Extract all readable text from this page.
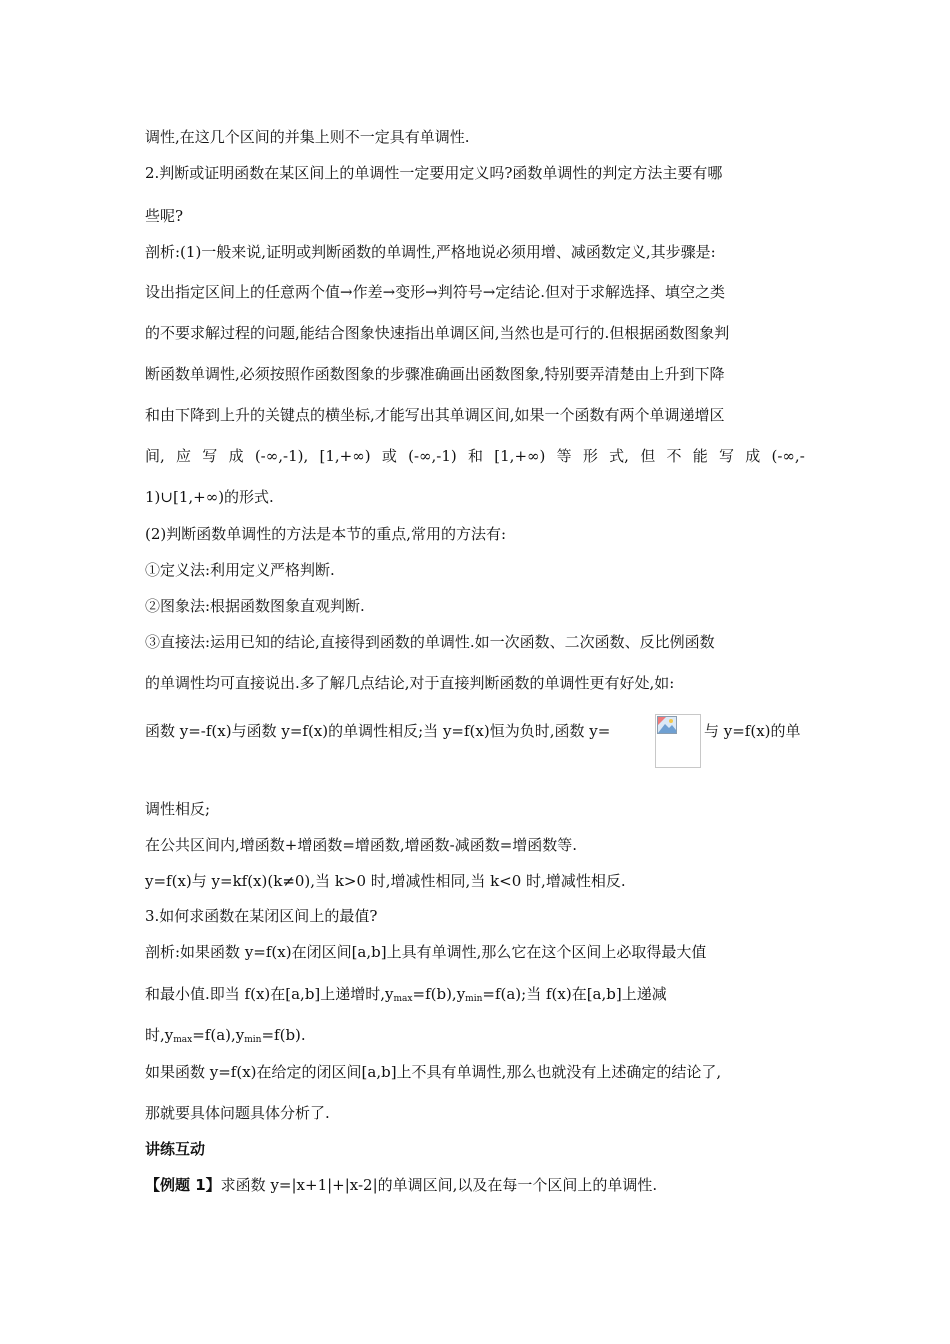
调性,在这几个区间的并集上则不一定具有单调性.
2.判断或证明函数在某区间上的单调性一定要用定义吗?函数单调性的判定方法主要有哪
些呢?
剖析:(1)一般来说,证明或判断函数的单调性,严格地说必须用增、减函数定义,其步骤是:
设出指定区间上的任意两个值→作差→变形→判符号→定结论.但对于求解选择、填空之类
的不要求解过程的问题,能结合图象快速指出单调区间,当然也是可行的.但根据函数图象判
断函数单调性,必须按照作函数图象的步骤准确画出函数图象,特别要弄清楚由上升到下降
和由下降到上升的关键点的横坐标,才能写出其单调区间,如果一个函数有两个单调递增区
间, 应 写 成 (-∞,-1), [1,+∞) 或 (-∞,-1) 和 [1,+∞) 等 形 式, 但 不 能 写 成 (-∞,-
1)∪[1,+∞)的形式.
(2)判断函数单调性的方法是本节的重点,常用的方法有:
①定义法:利用定义严格判断.
②图象法:根据函数图象直观判断.
③直接法:运用已知的结论,直接得到函数的单调性.如一次函数、二次函数、反比例函数
的单调性均可直接说出.多了解几点结论,对于直接判断函数的单调性更有好处,如:
函数 y=-f(x)与函数 y=f(x)的单调性相反;当 y=f(x)恒为负时,函数 y=	与 y=f(x)的单
调性相反;
在公共区间内,增函数+增函数=增函数,增函数-减函数=增函数等.
y=f(x)与 y=kf(x)(k≠0),当 k>0 时,增减性相同,当 k<0 时,增减性相反.
3.如何求函数在某闭区间上的最值?
剖析:如果函数 y=f(x)在闭区间[a,b]上具有单调性,那么它在这个区间上必取得最大值
和最小值.即当 f(x)在[a,b]上递增时$,y_{max}=f(b),y_{min}=f(a)$;当 f(x)在[a,b]上递减
时$,y_{max}=f(a),y_{min}=f(b)$.
如果函数 y=f(x)在给定的闭区间[a,b]上不具有单调性,那么也就没有上述确定的结论了,
那就要具体问题具体分析了.
讲练互动
【例题 1】求函数 y=|x+1|+|x-2|的单调区间,以及在每一个区间上的单调性.
